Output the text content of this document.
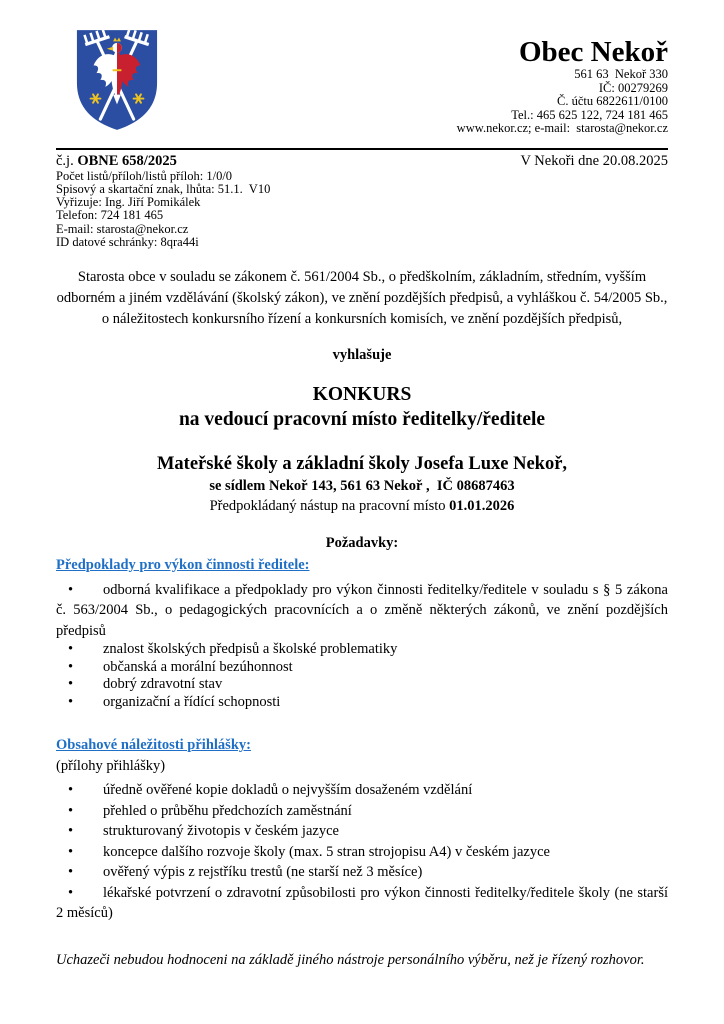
Obec Nekoř
561 63  Nekoř 330
IČ: 00279269
Č. účtu 6822611/0100
Tel.: 465 625 122, 724 181 465
www.nekor.cz; e-mail:  starosta@nekor.cz
č.j. OBNE 658/2025	V Nekoři dne 20.08.2025
Počet listů/příloh/listů příloh: 1/0/0
Spisový a skartační znak, lhůta: 51.1.  V10
Vyřizuje: Ing. Jiří Pomikálek
Telefon: 724 181 465
E-mail: starosta@nekor.cz
ID datové schránky: 8qra44i

Starosta obce v souladu se zákonem č. 561/2004 Sb., o předškolním, základním, středním, vyšším odborném a jiném vzdělávání (školský zákon), ve znění pozdějších předpisů, a vyhláškou č. 54/2005 Sb., o náležitostech konkursního řízení a konkursních komisích, ve znění pozdějších předpisů,

vyhlašuje

KONKURS
na vedoucí pracovní místo ředitelky/ředitele
Mateřské školy a základní školy Josefa Luxe Nekoř,
se sídlem Nekoř 143, 561 63 Nekoř ,  IČ 08687463
Předpokládaný nástup na pracovní místo 01.01.2026
Požadavky:
Předpoklady pro výkon činnosti ředitele:

• odborná kvalifikace a předpoklady pro výkon činnosti ředitelky/ředitele v souladu s § 5 zákona č. 563/2004 Sb., o pedagogických pracovnících a o změně některých zákonů, ve znění pozdějších předpisů

• znalost školských předpisů a školské problematiky

• občanská a morální bezúhonnost

• dobrý zdravotní stav

• organizační a řídící schopnosti

Obsahové náležitosti přihlášky:
(přílohy přihlášky)

• úředně ověřené kopie dokladů o nejvyšším dosaženém vzdělání

• přehled o průběhu předchozích zaměstnání

• strukturovaný životopis v českém jazyce

• koncepce dalšího rozvoje školy (max. 5 stran strojopisu A4) v českém jazyce

• ověřený výpis z rejstříku trestů (ne starší než 3 měsíce)

• lékařské potvrzení o zdravotní způsobilosti pro výkon činnosti ředitelky/ředitele školy (ne starší 2 měsíců)

Uchazeči nebudou hodnoceni na základě jiného nástroje personálního výběru, než je řízený rozhovor.
